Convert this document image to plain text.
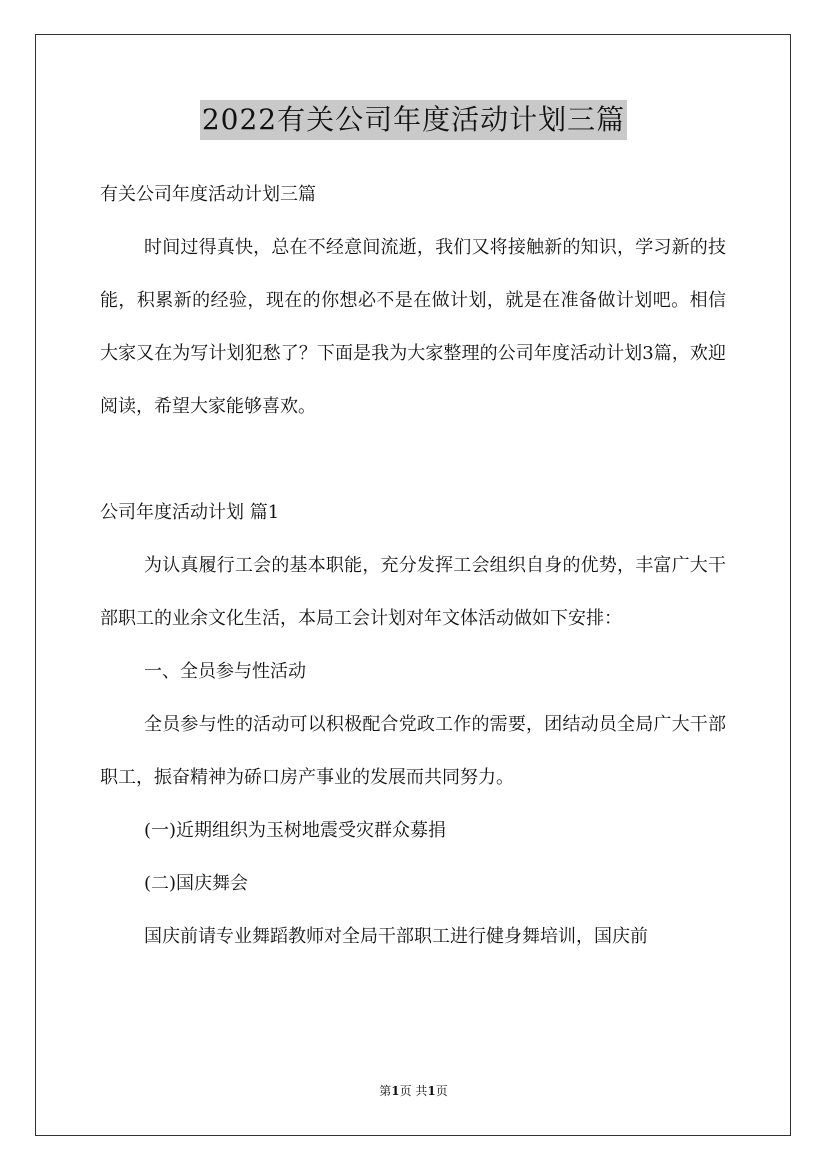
2022有关公司年度活动计划三篇

有关公司年度活动计划三篇

时间过得真快，总在不经意间流逝，我们又将接触新的知识，学习新的技能，积累新的经验，现在的你想必不是在做计划，就是在准备做计划吧。相信大家又在为写计划犯愁了？下面是我为大家整理的公司年度活动计划3篇，欢迎阅读，希望大家能够喜欢。

公司年度活动计划 篇1

为认真履行工会的基本职能，充分发挥工会组织自身的优势，丰富广大干部职工的业余文化生活，本局工会计划对年文体活动做如下安排：

一、全员参与性活动

全员参与性的活动可以积极配合党政工作的需要，团结动员全局广大干部职工，振奋精神为硚口房产事业的发展而共同努力。

(一)近期组织为玉树地震受灾群众募捐

(二)国庆舞会

国庆前请专业舞蹈教师对全局干部职工进行健身舞培训，国庆前

第1页 共1页
